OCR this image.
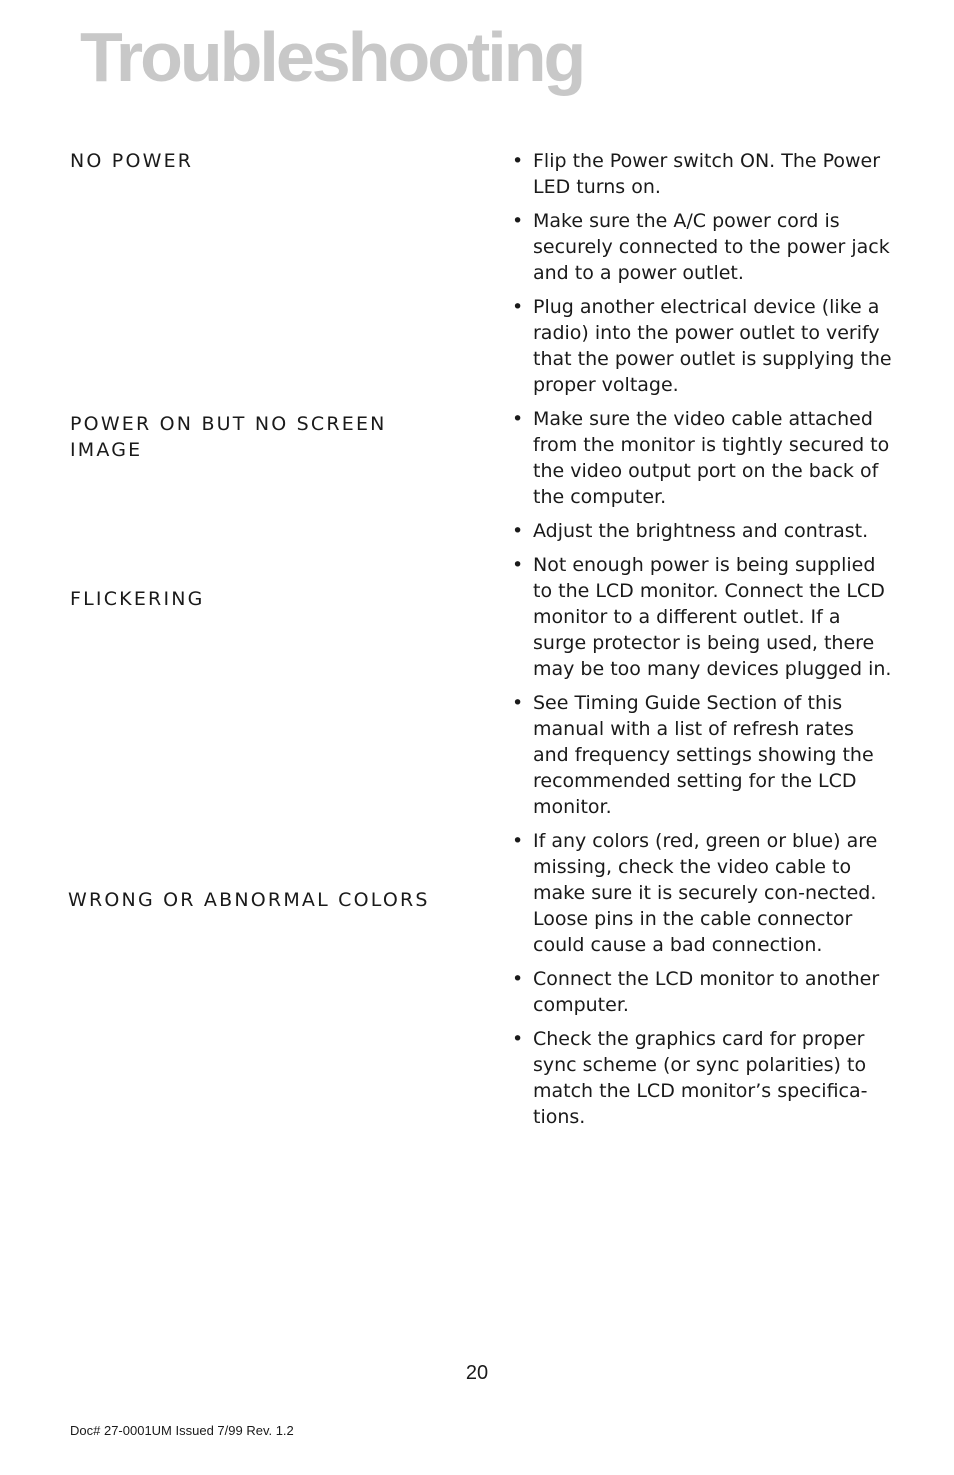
Troubleshooting
NO POWER
POWER ON BUT NO SCREEN IMAGE
FLICKERING
WRONG OR ABNORMAL COLORS
• Flip the Power switch ON. The Power LED turns on.
• Make sure the A/C power cord is securely connected to the power jack and to a power outlet.
• Plug another electrical device (like a radio) into the power outlet to verify that the power outlet is supplying the proper voltage.
• Make sure the video cable attached from the monitor is tightly secured to the video output port on the back of the computer.
• Adjust the brightness and contrast.
• Not enough power is being supplied to the LCD monitor. Connect the LCD monitor to a different outlet. If a surge protector is being used, there may be too many devices plugged in.
• See Timing Guide Section of this manual with a list of refresh rates and frequency settings showing the recommended setting for the LCD monitor.
• If any colors (red, green or blue) are missing, check the video cable to make sure it is securely con-nected. Loose pins in the cable connector could cause a bad connection.
• Connect the LCD monitor to another computer.
• Check the graphics card for proper sync scheme (or sync polarities) to match the LCD monitor’s specifica-tions.
20
Doc# 27-0001UM Issued 7/99 Rev. 1.2
